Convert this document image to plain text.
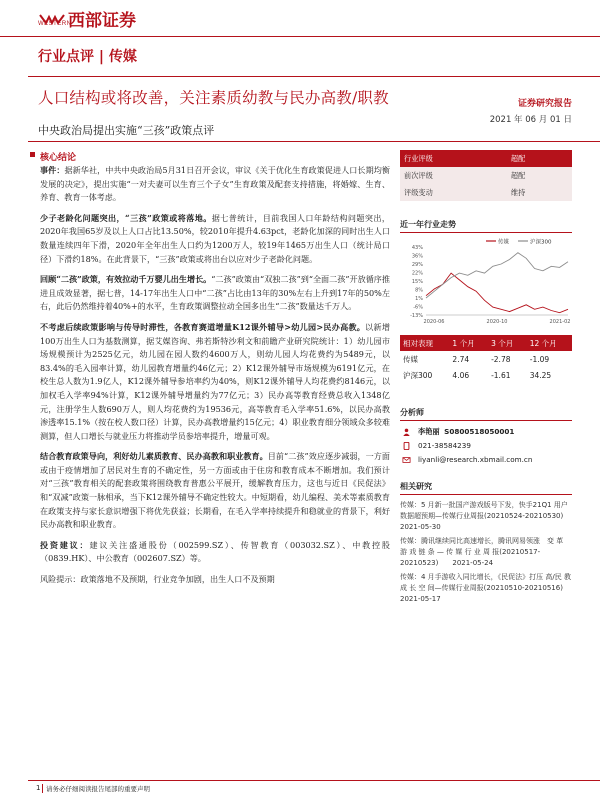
WESTERN
西部证券
行业点评 | 传媒
人口结构或将改善，关注素质幼教与民办高教/职教	证券研究报告
2021 年 06 月 01 日
中央政治局提出实施“三孩”政策点评
核心结论

事件：据新华社，中共中央政治局5月31日召开会议，审议《关于优化生育政策促进人口长期均衡发展的决定》，提出实施“一对夫妻可以生育三个子女”生育政策及配套支持措施，将婚嫁、生育、养育、教育一体考虑。

少子老龄化问题突出，“三孩”政策或将落地。据七普统计，目前我国人口年龄结构问题突出，2020年我国65岁及以上人口占比13.50%，较2010年提升4.63pct，老龄化加深的同时出生人口数量连续四年下滑，2020年全年出生人口约为1200万人，较19年1465万出生人口（统计局口径）下滑约18%。在此背景下，“三孩”政策或将出台以应对少子老龄化问题。

回顾“二孩”政策，有效拉动千万婴儿出生增长。“二孩”政策由“双独二孩”到“全面二孩”开放循序推进且成效显著，据七普，14-17年出生人口中“二孩”占比由13年的30%左右上升到17年的50%左右，此后仍然维持着40%+的水平，生育政策调整拉动全国多出生“二孩”数量达千万人。

不考虑后续政策影响与传导时滞性，各教育赛道增量K12课外辅导>幼儿园>民办高教。以新增100万出生人口为基数测算，据艾媒咨询、弗若斯特沙利文和前瞻产业研究院统计：1）幼儿园市场规模预计为2525亿元，幼儿园在园人数约4600万人，则幼儿园人均花费约为5489元，以83.4%的毛入园率计算，幼儿园教育增量约46亿元；2）K12课外辅导市场规模为6191亿元，在校生总人数为1.9亿人，K12课外辅导参培率约为40%，则K12课外辅导人均花费约8146元，以加权毛入学率94%计算，K12课外辅导增量约为77亿元；3）民办高等教育经费总收入1348亿元，注册学生人数690万人，则人均花费约为19536元，高等教育毛入学率51.6%，以民办高教渗透率15.1%（按在校人数口径）计算，民办高教增量约15亿元；4）职业教育细分领域众多较难测算，但人口增长与就业压力将推动学员参培率提升，增量可观。

结合教育政策导向，利好幼儿素质教育、民办高教和职业教育。目前“二孩”效应逐步减弱，一方面或由于疫情增加了居民对生育的不确定性，另一方面或由于住房和教育成本不断增加。我们预计对“三孩”教育相关的配套政策将围绕教育普惠公平展开，缓解教育压力，这也与近日《民促法》和“双减”政策一脉相承，当下K12课外辅导不确定性较大。中短期看，幼儿编程、美术等素质教育在政策支持与家长意识增强下将优先获益；长期看，在毛入学率持续提升和稳就业的背景下，利好民办高教和职业教育。

投资建议：建议关注盛通股份（002599.SZ）、传智教育（003032.SZ）、中教控股（0839.HK）、中公教育（002607.SZ）等。

风险提示：政策落地不及预期，行业竞争加剧，出生人口不及预期

行业评级	超配
前次评级	超配
评级变动	维持
近一年行业走势
43%
36%
29%
22%
15%
8%
1%
-6%
-13%
2020-06	2020-10	2021-02
传媒	沪深300
相对表现	1 个月	3 个月	12 个月
传媒	2.74	-2.78	-1.09
沪深300	4.06	-1.61	34.25
分析师
李艳丽 S0800518050001
021-38584239
liyanli@research.xbmail.com.cn
相关研究

传媒：5 月新一批国产游戏版号下发，快手21Q1 用户数据超预期—传媒行业周报(20210524-20210530)　　2021-05-30

传媒：腾讯继续同比高速增长，腾讯网易领涨　变 革 游 戏 链 条 — 传 媒 行 业 周 报(20210517-20210523)　　2021-05-24

传媒：4 月手游收入同比增长，《民促法》打压 高/民 教 成 长 空 间—传媒行业周报(20210510-20210516)　　2021-05-17

1 请务必仔细阅读报告尾部的重要声明
